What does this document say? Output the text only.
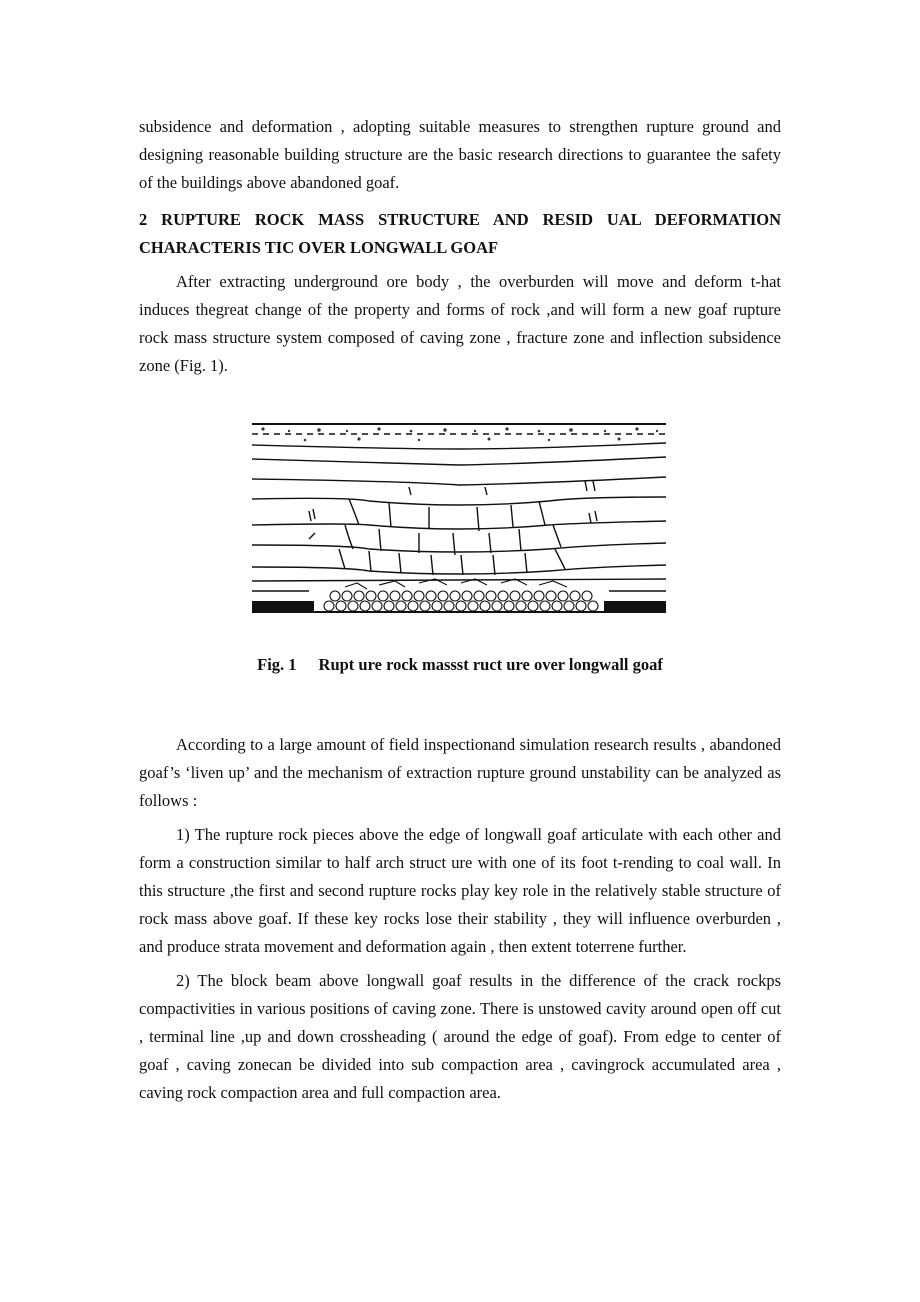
subsidence and deformation , adopting suitable measures to strengthen rupture ground and designing reasonable building structure are the basic research directions to guarantee the safety of the buildings above abandoned goaf.

2 RUPTURE ROCK MASS STRUCTURE AND RESID UAL DEFORMATION CHARACTERIS TIC OVER LONGWALL GOAF

After extracting underground ore body , the overburden will move and deform t-hat induces thegreat change of the property and forms of rock ,and will form a new goaf rupture rock mass structure system composed of caving zone , fracture zone and inflection subsidence zone (Fig. 1).

Fig. 1 Rupt ure rock massst ruct ure over longwall goaf

According to a large amount of field inspectionand simulation research results , abandoned goaf’s ‘liven up’ and the mechanism of extraction rupture ground unstability can be analyzed as follows :

1) The rupture rock pieces above the edge of longwall goaf articulate with each other and form a construction similar to half arch struct ure with one of its foot t-rending to coal wall. In this structure ,the first and second rupture rocks play key role in the relatively stable structure of rock mass above goaf. If these key rocks lose their stability , they will influence overburden , and produce strata movement and deformation again , then extent toterrene further.

2) The block beam above longwall goaf results in the difference of the crack rockps compactivities in various positions of caving zone. There is unstowed cavity around open off cut , terminal line ,up and down crossheading ( around the edge of goaf). From edge to center of goaf , caving zonecan be divided into sub compaction area , cavingrock accumulated area , caving rock compaction area and full compaction area.
